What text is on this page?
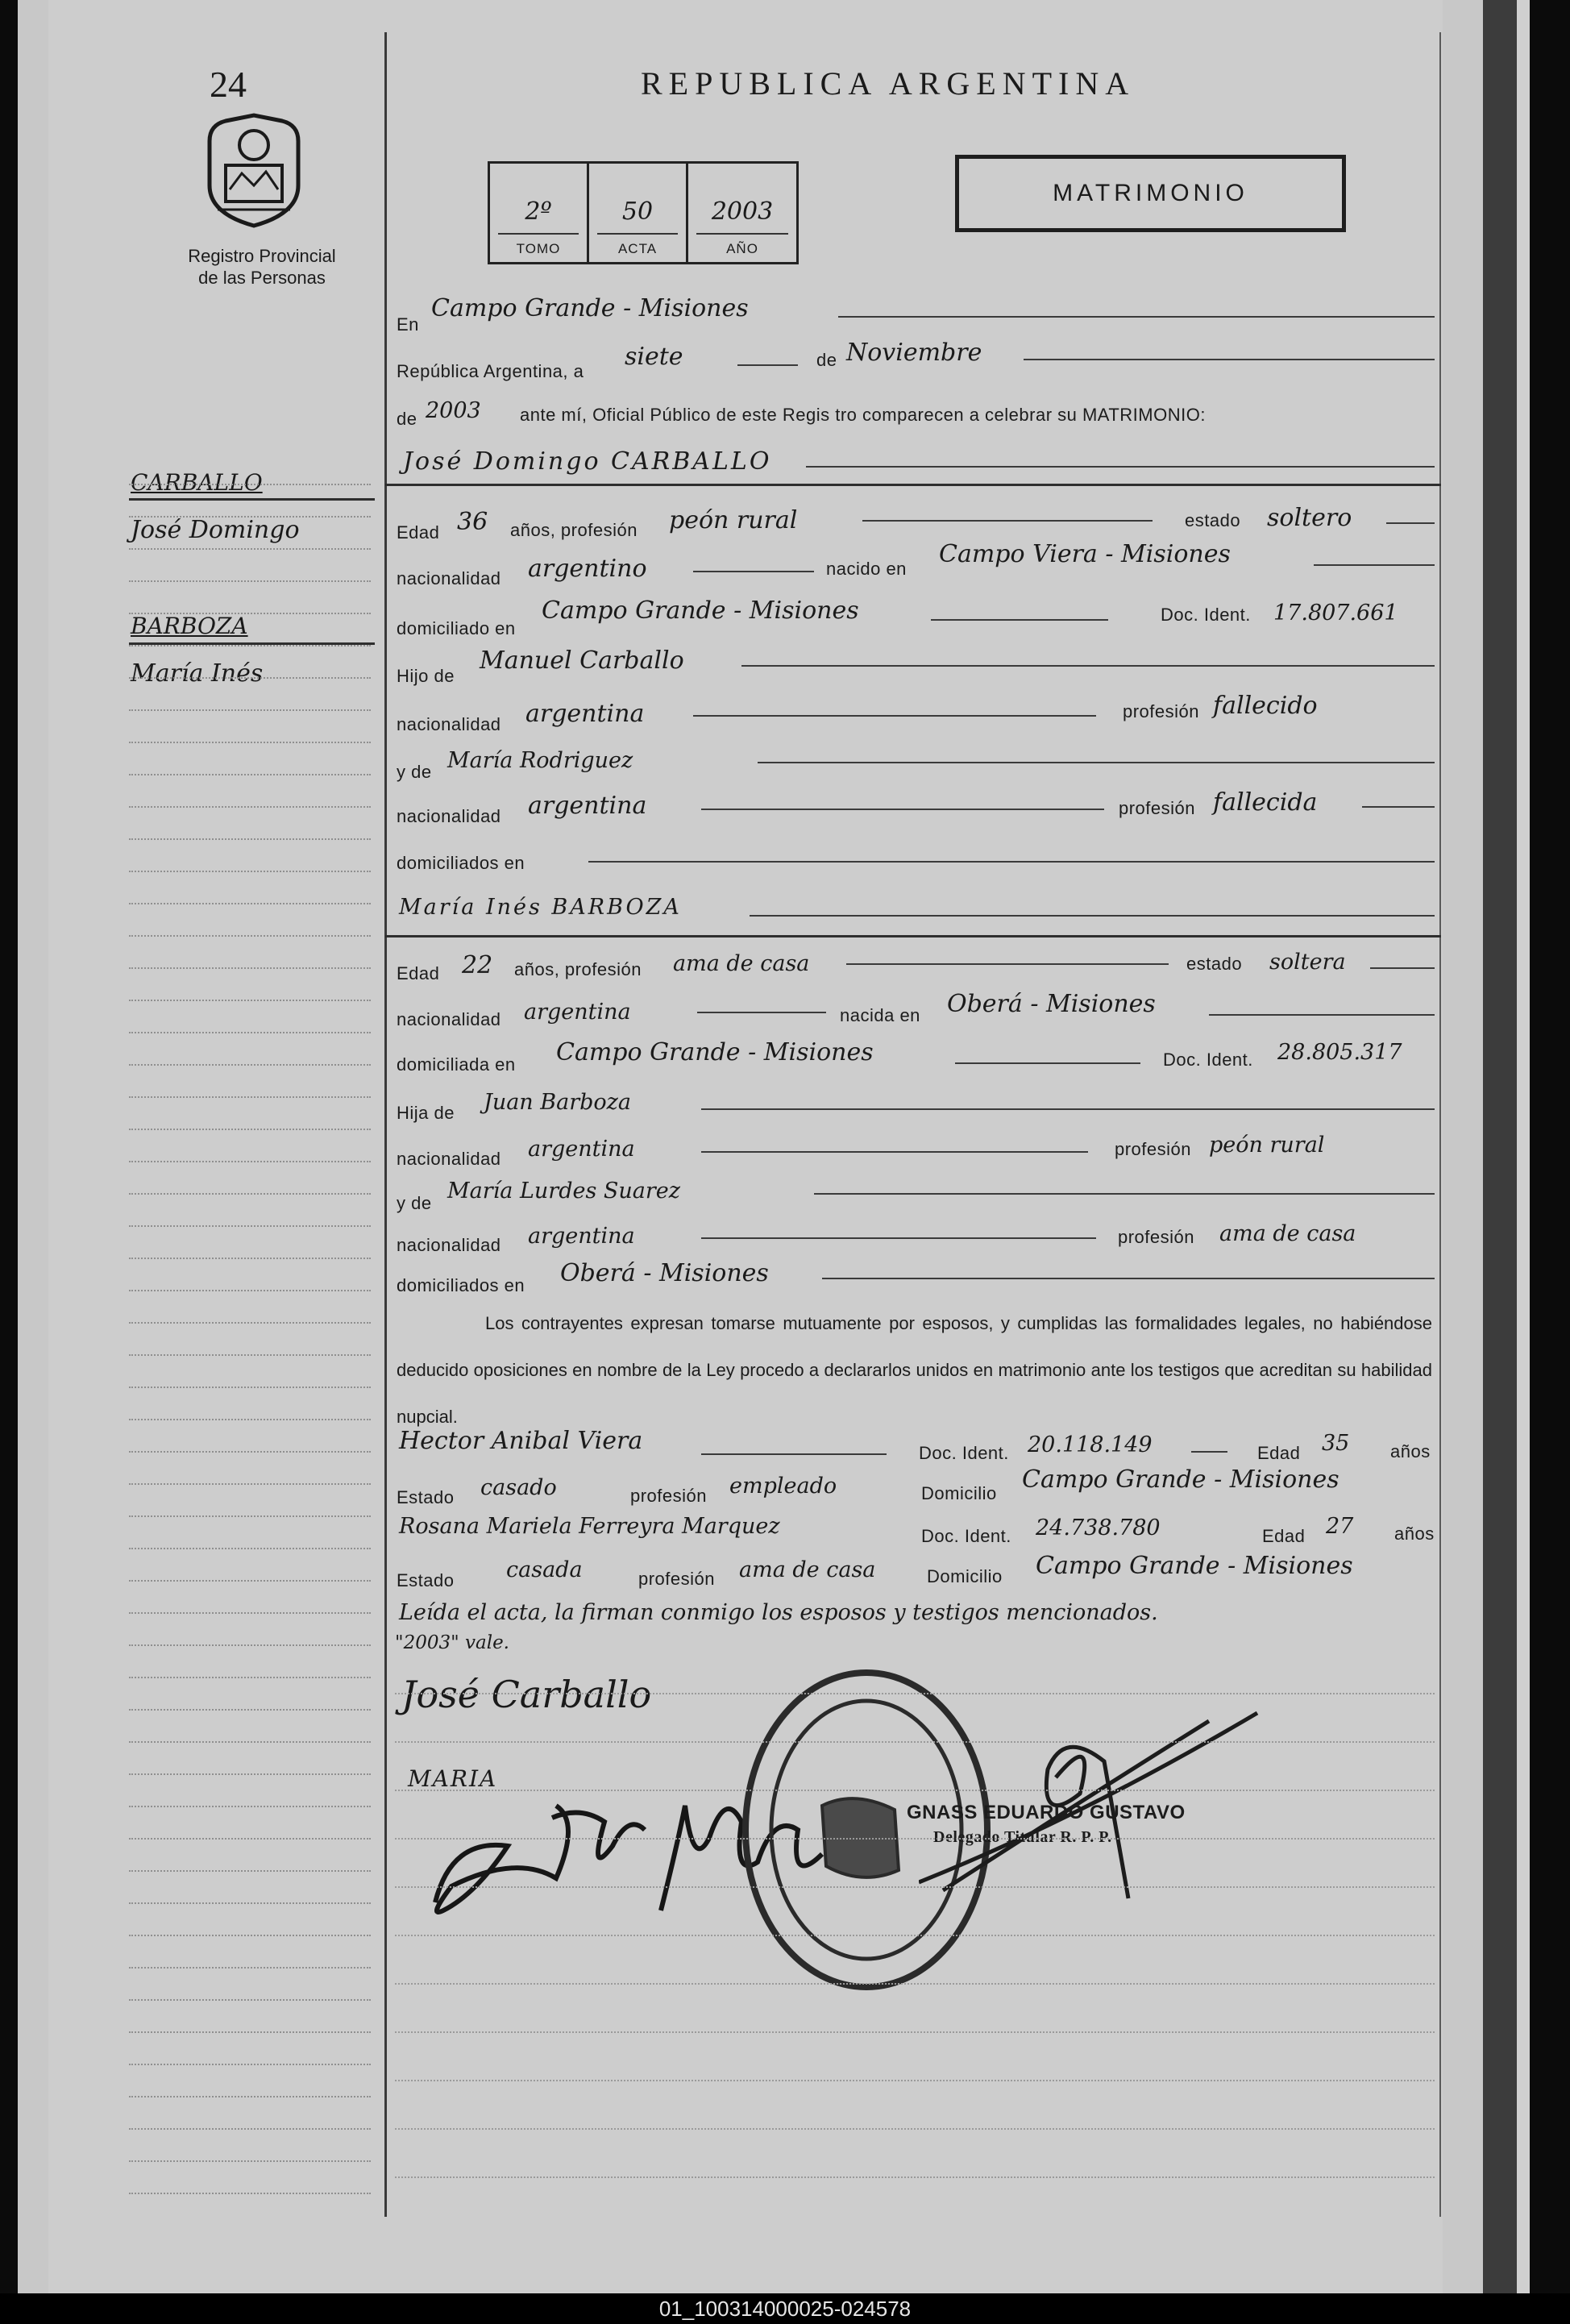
24
Registro Provincial
de las Personas
REPUBLICA ARGENTINA
2º
TOMO
50
ACTA
2003
AÑO
MATRIMONIO
CARBALLO
José Domingo
BARBOZA
María Inés
En
Campo Grande - Misiones
República Argentina, a
siete	de Noviembre
de 2003 ante mí, Oficial Público de este Regis tro comparecen a celebrar su MATRIMONIO:
José Domingo CARBALLO
Edad 36 años, profesión peón rural	estado soltero
nacionalidad argentino	nacido en
Campo Viera - Misiones
domiciliado en
Campo Grande - Misiones	Doc. Ident. 17.807.661
Hijo de
Manuel Carballo
nacionalidad argentina	profesión fallecido
y de María Rodriguez
nacionalidad argentina	profesión fallecida
domiciliados en
María Inés BARBOZA
Edad 22 años, profesión ama de casa	estado soltera
nacionalidad argentina	nacida en Oberá - Misiones
domiciliada en Campo Grande - Misiones	Doc. Ident. 28.805.317
Hija de Juan Barboza
nacionalidad argentina	profesión peón rural
y de María Lurdes Suarez
nacionalidad argentina	profesión ama de casa
domiciliados en Oberá - Misiones
Los contrayentes expresan tomarse mutuamente por esposos, y cumplidas las formalidades legales, no habiéndose deducido oposiciones en nombre de la Ley procedo a declararlos unidos en matrimonio ante los testigos que acreditan su habilidad nupcial.
Hector Anibal Viera	Doc. Ident. 20.118.149	Edad 35 años
Estado casado	profesión empleado	Domicilio Campo Grande - Misiones
Rosana Mariela Ferreyra Marquez	Doc. Ident. 24.738.780	Edad 27 años
Estado casada	profesión ama de casa	Domicilio Campo Grande - Misiones
Leída el acta, la firman conmigo los esposos y testigos mencionados.
"2003" vale.
José Carballo
MARIA
GNASS EDUARDO GUSTAVO
Delegado Titular R. P. P.
01_100314000025-024578
